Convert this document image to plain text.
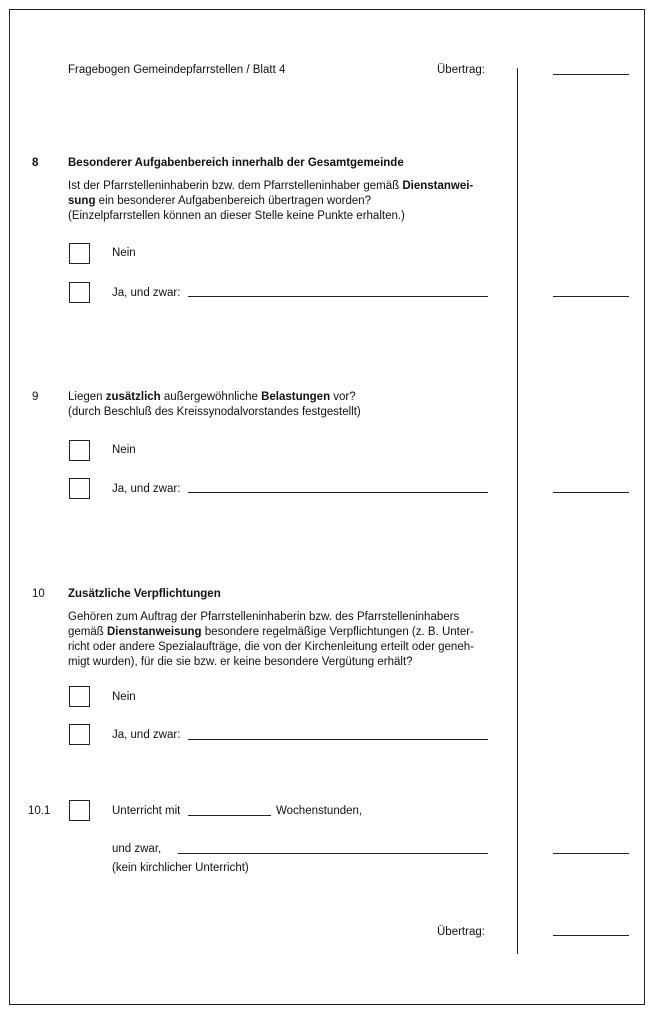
Fragebogen Gemeindepfarrstellen / Blatt 4	Übertrag:
8	Besonderer Aufgabenbereich innerhalb der Gesamtgemeinde
Ist der Pfarrstelleninhaberin bzw. dem Pfarrstelleninhaber gemäß Dienstanwei-
sung ein besonderer Aufgabenbereich übertragen worden?
(Einzelpfarrstellen können an dieser Stelle keine Punkte erhalten.)
Nein
Ja, und zwar:
9	Liegen zusätzlich außergewöhnliche Belastungen vor?
(durch Beschluß des Kreissynodalvorstandes festgestellt)
Nein
Ja, und zwar:
10 Zusätzliche Verpflichtungen
Gehören zum Auftrag der Pfarrstelleninhaberin bzw. des Pfarrstelleninhabers
gemäß Dienstanweisung besondere regelmäßige Verpflichtungen (z. B. Unter-
richt oder andere Spezialaufträge, die von der Kirchenleitung erteilt oder geneh-
migt wurden), für die sie bzw. er keine besondere Vergütung erhält?
Nein
Ja, und zwar:
10.1	Unterricht mit	Wochenstunden,
und zwar,
(kein kirchlicher Unterricht)
Übertrag:
